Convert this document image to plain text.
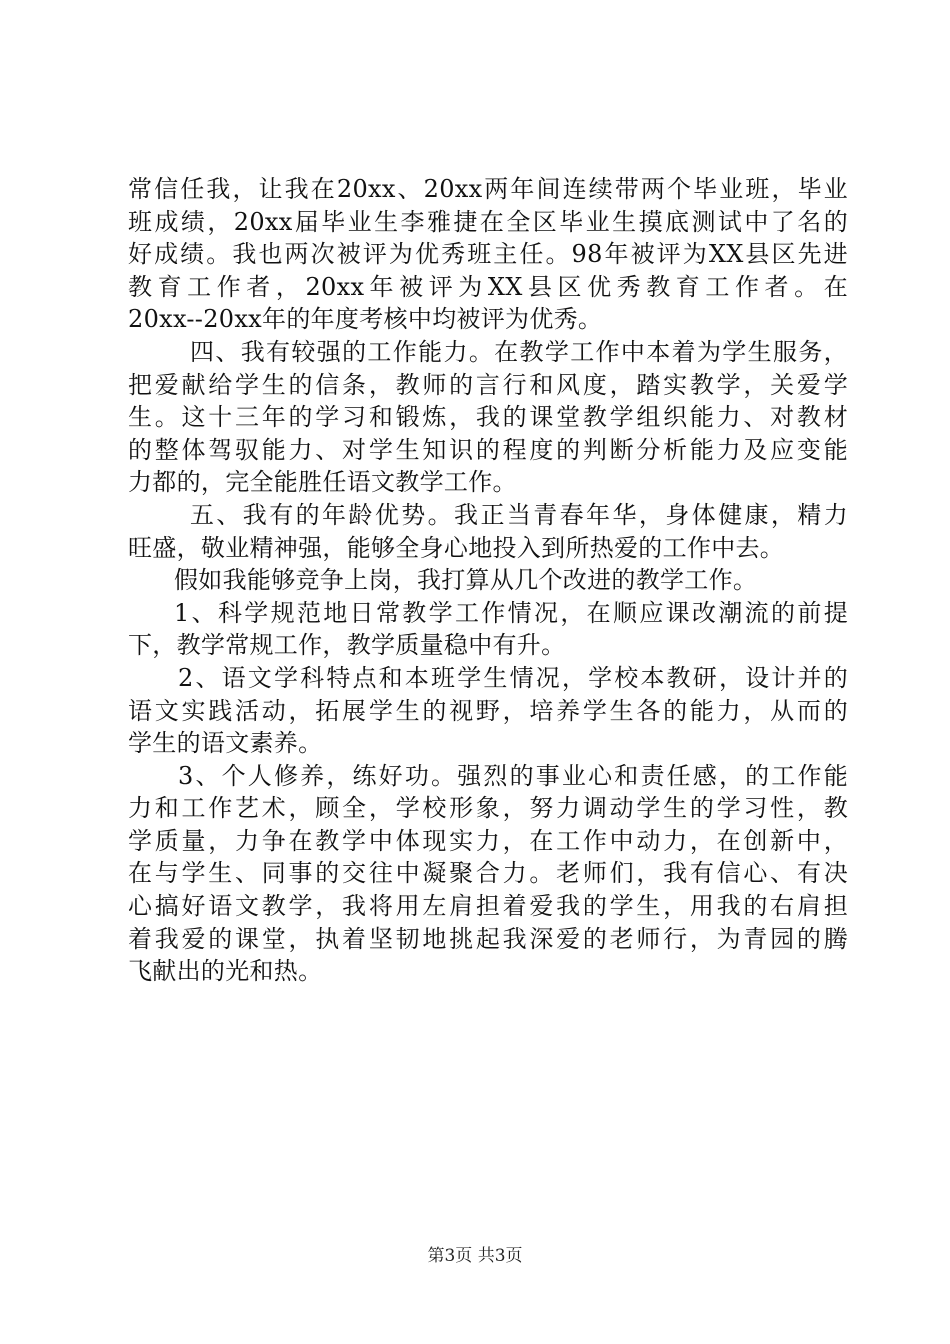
常信任我，让我在20xx、20xx两年间连续带两个毕业班，毕业
班成绩，20xx届毕业生李雅捷在全区毕业生摸底测试中了名的
好成绩。我也两次被评为优秀班主任。98年被评为XX县区先进
教育工作者，20xx年被评为XX县区优秀教育工作者。在
20xx--20xx年的年度考核中均被评为优秀。
四、我有较强的工作能力。在教学工作中本着为学生服务，
把爱献给学生的信条，教师的言行和风度，踏实教学，关爱学
生。这十三年的学习和锻炼，我的课堂教学组织能力、对教材
的整体驾驭能力、对学生知识的程度的判断分析能力及应变能
力都的，完全能胜任语文教学工作。
五、我有的年龄优势。我正当青春年华，身体健康，精力
旺盛，敬业精神强，能够全身心地投入到所热爱的工作中去。
假如我能够竞争上岗，我打算从几个改进的教学工作。
1、科学规范地日常教学工作情况，在顺应课改潮流的前提
下，教学常规工作，教学质量稳中有升。
2、语文学科特点和本班学生情况，学校本教研，设计并的
语文实践活动，拓展学生的视野，培养学生各的能力，从而的
学生的语文素养。
3、个人修养，练好功。强烈的事业心和责任感，的工作能
力和工作艺术，顾全，学校形象，努力调动学生的学习性，教
学质量，力争在教学中体现实力，在工作中动力，在创新中，
在与学生、同事的交往中凝聚合力。老师们，我有信心、有决
心搞好语文教学，我将用左肩担着爱我的学生，用我的右肩担
着我爱的课堂，执着坚韧地挑起我深爱的老师行，为青园的腾
飞献出的光和热。
第3页 共3页
